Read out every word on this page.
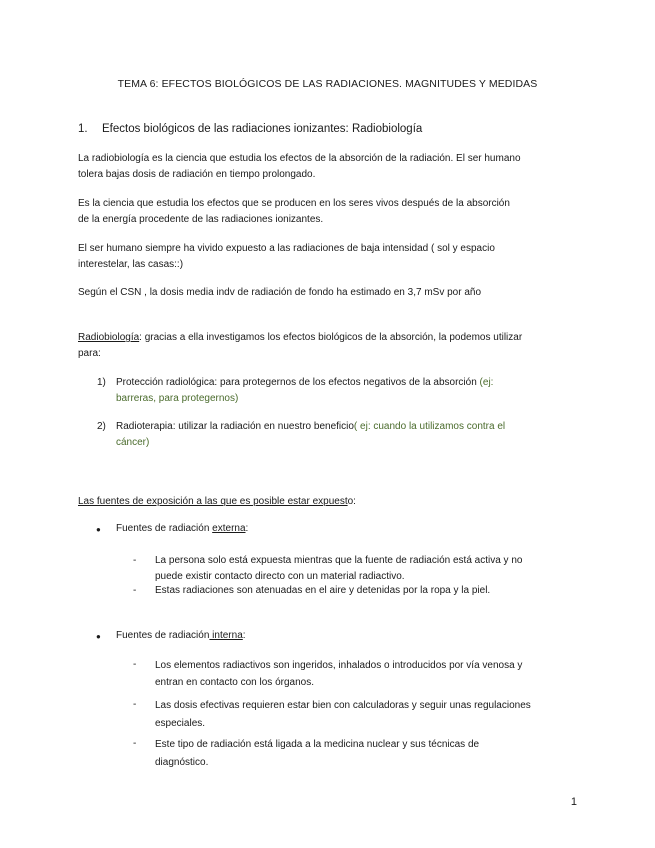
TEMA 6: EFECTOS BIOLÓGICOS DE LAS RADIACIONES. MAGNITUDES Y MEDIDAS
1. Efectos biológicos de las radiaciones ionizantes: Radiobiología
La radiobiología es la ciencia que estudia los efectos de la absorción de la radiación. El ser humano
tolera bajas dosis de radiación en tiempo prolongado.
Es la ciencia que estudia los efectos que se producen en los seres vivos después de la absorción
de la energía procedente de las radiaciones ionizantes.
El ser humano siempre ha vivido expuesto a las radiaciones de baja intensidad ( sol y espacio
interestelar, las casas::)
Según el CSN , la dosis media indv de radiación de fondo ha estimado en 3,7 mSv por año
Radiobiología: gracias a ella investigamos los efectos biológicos de la absorción, la podemos utilizar
para:
1) Protección radiológica: para protegernos de los efectos negativos de la absorción (ej:
barreras, para protegernos)
2) Radioterapia: utilizar la radiación en nuestro beneficio( ej: cuando la utilizamos contra el
cáncer)
Las fuentes de exposición a las que es posible estar expuesto:
● Fuentes de radiación externa:
- La persona solo está expuesta mientras que la fuente de radiación está activa y no
puede existir contacto directo con un material radiactivo.
- Estas radiaciones son atenuadas en el aire y detenidas por la ropa y la piel.
● Fuentes de radiación interna:
- Los elementos radiactivos son ingeridos, inhalados o introducidos por vía venosa y
entran en contacto con los órganos.
- Las dosis efectivas requieren estar bien con calculadoras y seguir unas regulaciones
especiales.
- Este tipo de radiación está ligada a la medicina nuclear y sus técnicas de
diagnóstico.
1
